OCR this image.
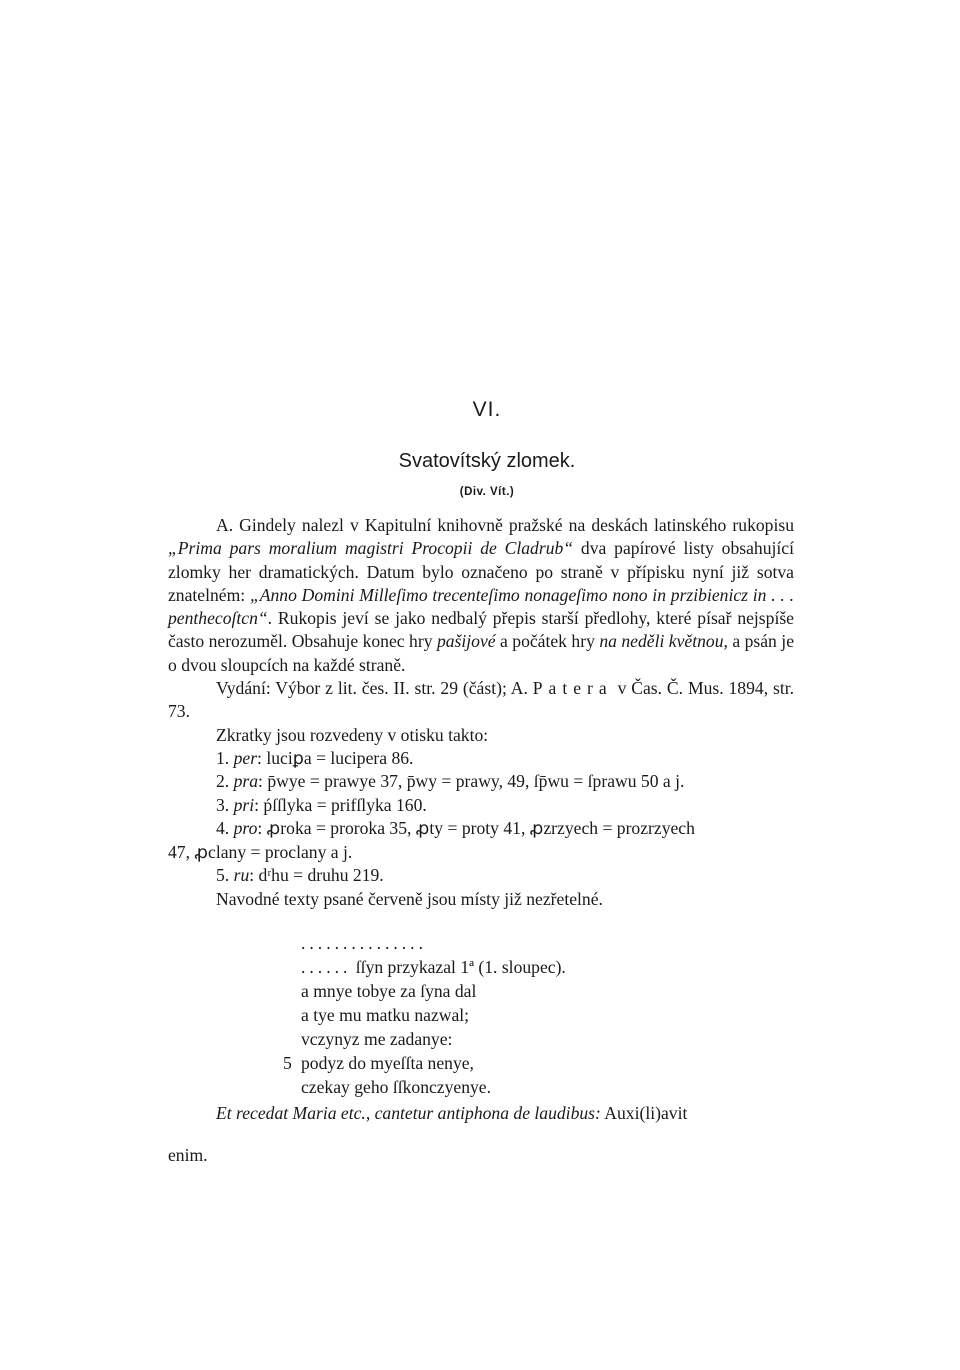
VI.
Svatovítský zlomek.
(Div. Vít.)

A. Gindely nalezl v Kapitulní knihovně pražské na deskách latinského rukopisu „Prima pars moralium magistri Procopii de Cladrub“ dva papírové listy obsahující zlomky her dramatických. Datum bylo označeno po straně v přípisku nyní již sotva znatelném: „Anno Domini Milleſimo trecenteſimo nonageſimo nono in przibienicz in . . . penthecoſtcn“. Rukopis jeví se jako nedbalý přepis starší předlohy, které písař nejspíše často nerozuměl. Obsahuje konec hry pašijové a počátek hry na neděli květnou, a psán je o dvou sloupcích na každé straně.

Vydání: Výbor z lit. čes. II. str. 29 (část); A. Patera v Čas. Č. Mus. 1894, str. 73.

Zkratky jsou rozvedeny v otisku takto:

1. per: luciꝑa = lucipera 86.

2. pra: p̄wye = prawye 37, p̄wy = prawy, 49, ſp̄wu = ſprawu 50 a j.

3. pri: ṕſſlyka = prifſlyka 160.

4. pro: ꝓroka = proroka 35, ꝓty = proty 41, ꝓzrzyech = prozrzyech

47, ꝓclany = proclany a j.

5. ru: dʳhu = druhu 219.

Navodné texty psané červeně jsou místy již nezřetelné.

...............
...... ſſyn przykazal 1ª (1. sloupec).
a mnye tobye za ſyna dal
a tye mu matku nazwal;
vczynyz me zadanye:
5 podyz do myeſſta nenye,
czekay geho ſſkonczyenye.

Et recedat Maria etc., cantetur antiphona de laudibus: Auxi(li)avit

enim.
